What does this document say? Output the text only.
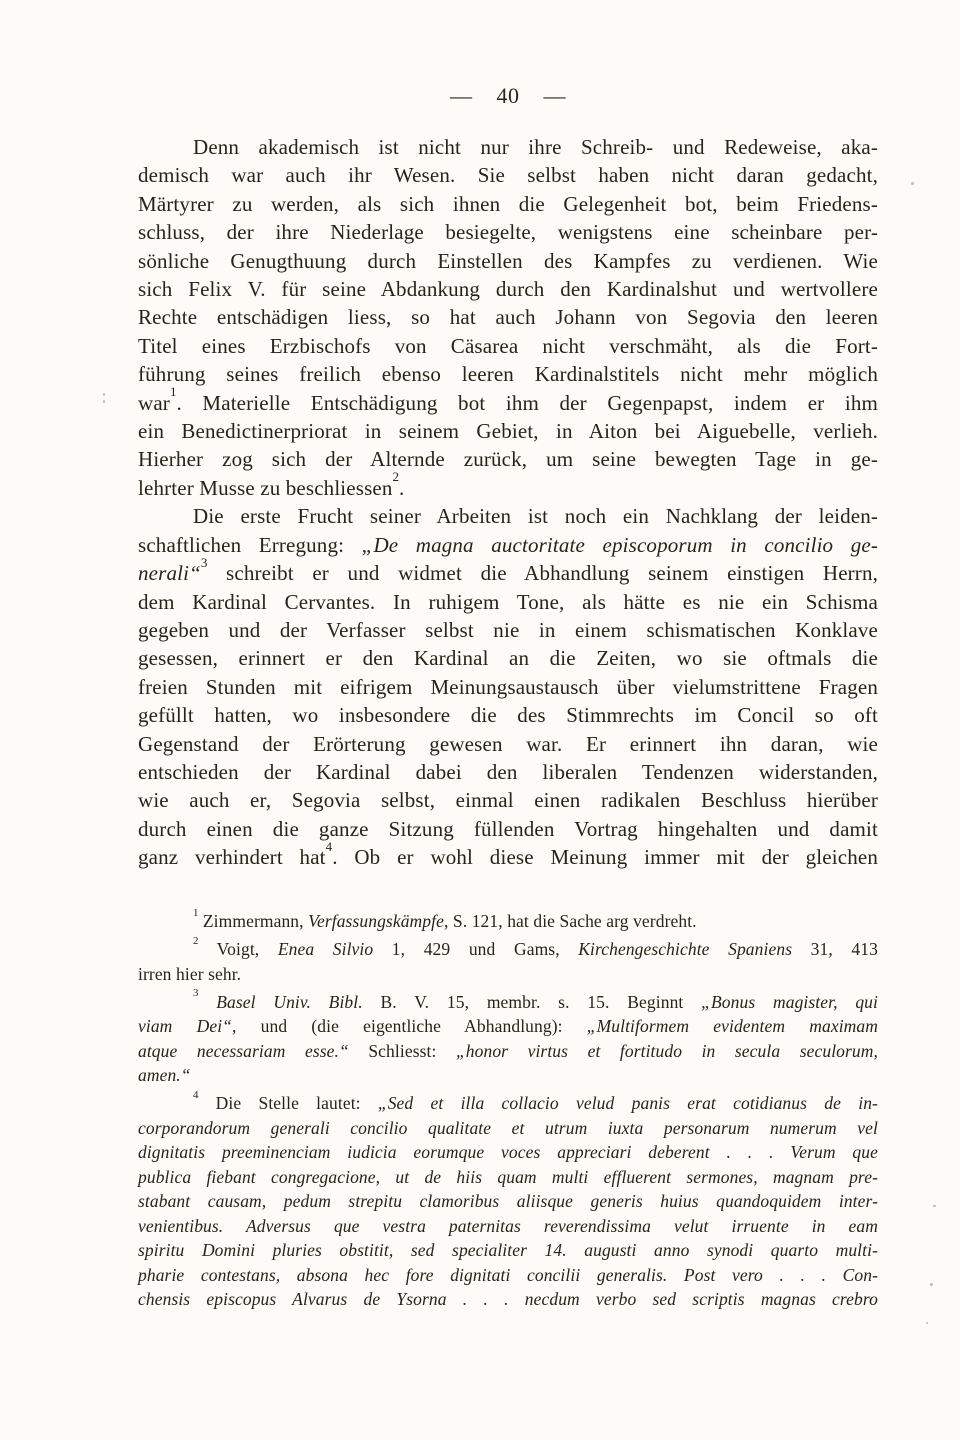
— 40 —
Denn akademisch ist nicht nur ihre Schreib- und Redeweise, aka-
demisch war auch ihr Wesen. Sie selbst haben nicht daran gedacht,
Märtyrer zu werden, als sich ihnen die Gelegenheit bot, beim Friedens-
schluss, der ihre Niederlage besiegelte, wenigstens eine scheinbare per-
sönliche Genugthuung durch Einstellen des Kampfes zu verdienen. Wie
sich Felix V. für seine Abdankung durch den Kardinalshut und wertvollere
Rechte entschädigen liess, so hat auch Johann von Segovia den leeren
Titel eines Erzbischofs von Cäsarea nicht verschmäht, als die Fort-
führung seines freilich ebenso leeren Kardinalstitels nicht mehr möglich
war$^1$. Materielle Entschädigung bot ihm der Gegenpapst, indem er ihm
ein Benedictinerpriorat in seinem Gebiet, in Aiton bei Aiguebelle, verlieh.
Hierher zog sich der Alternde zurück, um seine bewegten Tage in ge-
lehrter Musse zu beschliessen$^2$.
Die erste Frucht seiner Arbeiten ist noch ein Nachklang der leiden-
schaftlichen Erregung: „De magna auctoritate episcoporum in concilio ge-
nerali“$^3$ schreibt er und widmet die Abhandlung seinem einstigen Herrn,
dem Kardinal Cervantes. In ruhigem Tone, als hätte es nie ein Schisma
gegeben und der Verfasser selbst nie in einem schismatischen Konklave
gesessen, erinnert er den Kardinal an die Zeiten, wo sie oftmals die
freien Stunden mit eifrigem Meinungsaustausch über vielumstrittene Fragen
gefüllt hatten, wo insbesondere die des Stimmrechts im Concil so oft
Gegenstand der Erörterung gewesen war. Er erinnert ihn daran, wie
entschieden der Kardinal dabei den liberalen Tendenzen widerstanden,
wie auch er, Segovia selbst, einmal einen radikalen Beschluss hierüber
durch einen die ganze Sitzung füllenden Vortrag hingehalten und damit
ganz verhindert hat$^4$. Ob er wohl diese Meinung immer mit der gleichen
$^1$ Zimmermann, Verfassungskämpfe, S. 121, hat die Sache arg verdreht.
$^2$ Voigt, Enea Silvio 1, 429 und Gams, Kirchengeschichte Spaniens 31, 413
irren hier sehr.
$^3$ Basel Univ. Bibl. B. V. 15, membr. s. 15. Beginnt „Bonus magister, qui
viam Dei“, und (die eigentliche Abhandlung): „Multiformem evidentem maximam
atque necessariam esse.“ Schliesst: „honor virtus et fortitudo in secula seculorum,
amen.“
$^4$ Die Stelle lautet: „Sed et illa collacio velud panis erat cotidianus de in-
corporandorum generali concilio qualitate et utrum iuxta personarum numerum vel
dignitatis preeminenciam iudicia eorumque voces appreciari deberent . . . Verum que
publica fiebant congregacione, ut de hiis quam multi effluerent sermones, magnam pre-
stabant causam, pedum strepitu clamoribus aliisque generis huius quandoquidem inter-
venientibus. Adversus que vestra paternitas reverendissima velut irruente in eam
spiritu Domini pluries obstitit, sed specialiter 14. augusti anno synodi quarto multi-
pharie contestans, absona hec fore dignitati concilii generalis. Post vero . . . Con-
chensis episcopus Alvarus de Ysorna . . . necdum verbo sed scriptis magnas crebro
